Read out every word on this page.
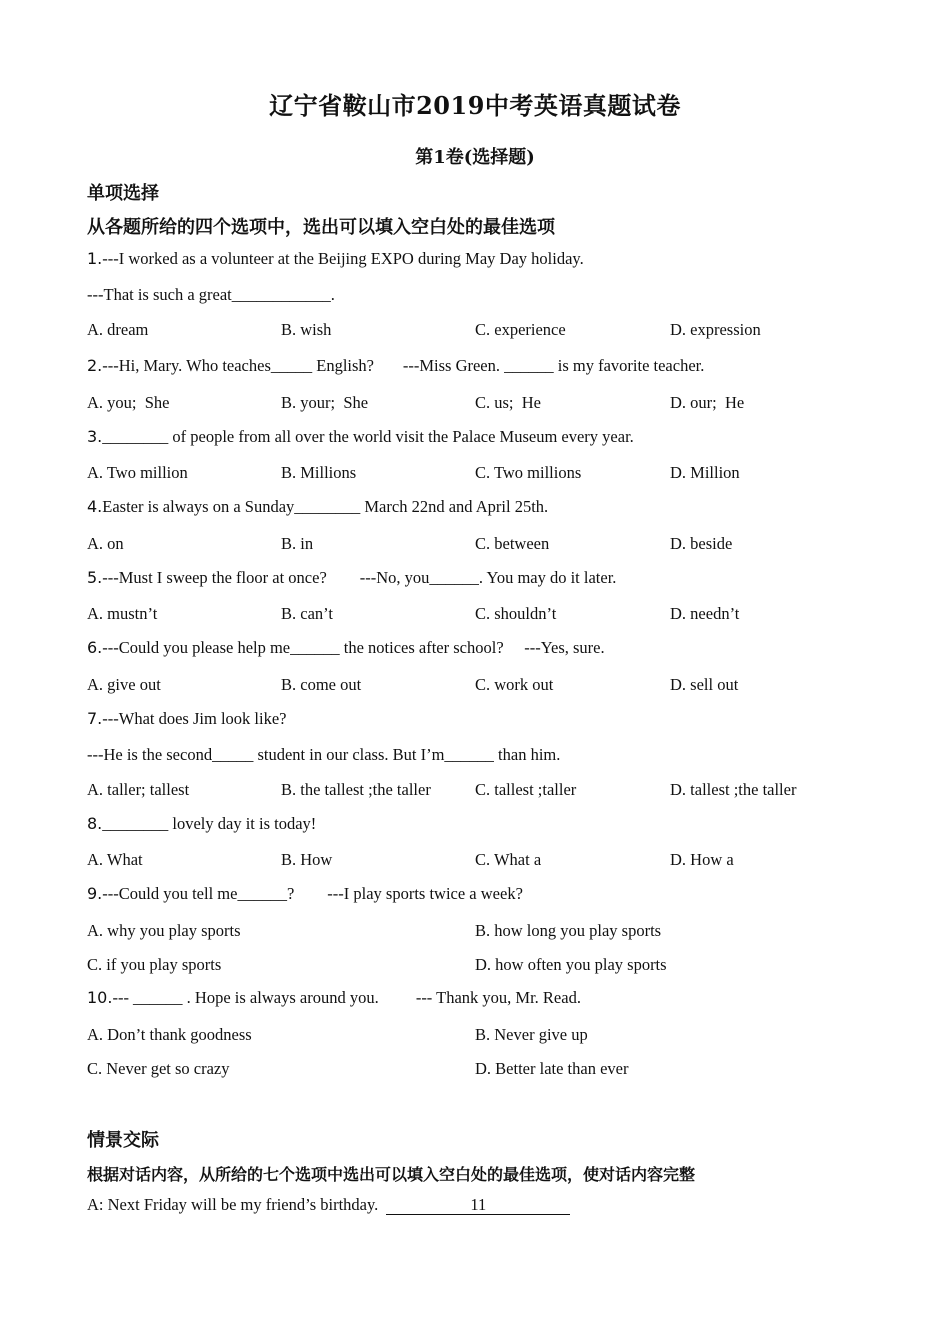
辽宁省鞍山市2019中考英语真题试卷
第1卷(选择题)
单项选择
从各题所给的四个选项中，选出可以填入空白处的最佳选项
1.---I worked as a volunteer at the Beijing EXPO during May Day holiday.
---That is such a great____________.
A. dream	B. wish	C. experience	D. expression
2.---Hi, Mary. Who teaches_____ English?       ---Miss Green. ______ is my favorite teacher.
A. you;  She	B. your;  She	C. us;  He	D. our;  He
3.________ of people from all over the world visit the Palace Museum every year.
A. Two million	B. Millions	C. Two millions	D. Million
4.Easter is always on a Sunday________ March 22nd and April 25th.
A. on	B. in	C. between	D. beside
5.---Must I sweep the floor at once?        ---No, you______. You may do it later.
A. mustn’t	B. can’t	C. shouldn’t	D. needn’t
6.---Could you please help me______ the notices after school?     ---Yes, sure.
A. give out	B. come out	C. work out	D. sell out
7.---What does Jim look like?
---He is the second_____ student in our class. But I’m______ than him.
A. taller; tallest	B. the tallest ;the taller	C. tallest ;taller	D. tallest ;the taller
8.________ lovely day it is today!
A. What	B. How	C. What a	D. How a
9.---Could you tell me______?        ---I play sports twice a week?
A. why you play sports	B. how long you play sports
C. if you play sports	D. how often you play sports
10.--- ______ . Hope is always around you.         --- Thank you, Mr. Read.
A. Don’t thank goodness	B. Never give up
C. Never get so crazy	D. Better late than ever
情景交际
根据对话内容，从所给的七个选项中选出可以填入空白处的最佳选项，使对话内容完整
A: Next Friday will be my friend’s birthday.	11
